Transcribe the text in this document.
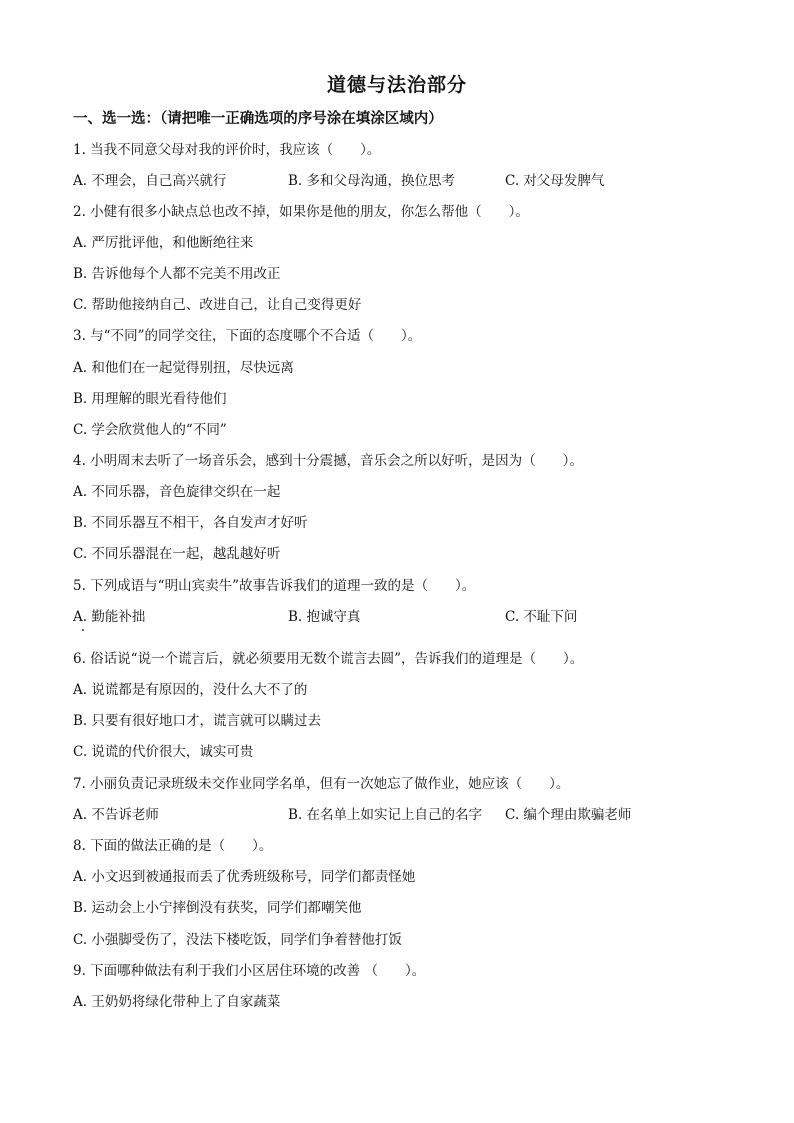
道德与法治部分
一、选一选：（请把唯一正确选项的序号涂在填涂区域内）
1. 当我不同意父母对我的评价时，我应该（　　）。
A. 不理会，自己高兴就行	B. 多和父母沟通，换位思考	C. 对父母发脾气
2. 小健有很多小缺点总也改不掉，如果你是他的朋友，你怎么帮他（　　）。
A. 严厉批评他，和他断绝往来
B. 告诉他每个人都不完美不用改正
C. 帮助他接纳自己、改进自己，让自己变得更好
3. 与“不同”的同学交往，下面的态度哪个不合适（　　）。
A. 和他们在一起觉得别扭，尽快远离
B. 用理解的眼光看待他们
C. 学会欣赏他人的“不同”
4. 小明周末去听了一场音乐会，感到十分震撼，音乐会之所以好听，是因为（　　）。
A. 不同乐器，音色旋律交织在一起
B. 不同乐器互不相干，各自发声才好听
C. 不同乐器混在一起，越乱越好听
5. 下列成语与“明山宾卖牛”故事告诉我们的道理一致的是（　　）。
A. 勤能补拙	B. 抱诚守真	C. 不耻下问
6. 俗话说“说一个谎言后，就必须要用无数个谎言去圆”，告诉我们的道理是（　　）。
A. 说谎都是有原因的，没什么大不了的
B. 只要有很好地口才，谎言就可以瞒过去
C. 说谎的代价很大，诚实可贵
7. 小丽负责记录班级未交作业同学名单，但有一次她忘了做作业，她应该（　　）。
A. 不告诉老师	B. 在名单上如实记上自己的名字 C. 编个理由欺骗老师
8. 下面的做法正确的是（　　）。
A. 小文迟到被通报而丢了优秀班级称号，同学们都责怪她
B. 运动会上小宁摔倒没有获奖，同学们都嘲笑他
C. 小强脚受伤了，没法下楼吃饭，同学们争着替他打饭
9. 下面哪种做法有利于我们小区居住环境的改善 （　　）。
A. 王奶奶将绿化带种上了自家蔬菜
